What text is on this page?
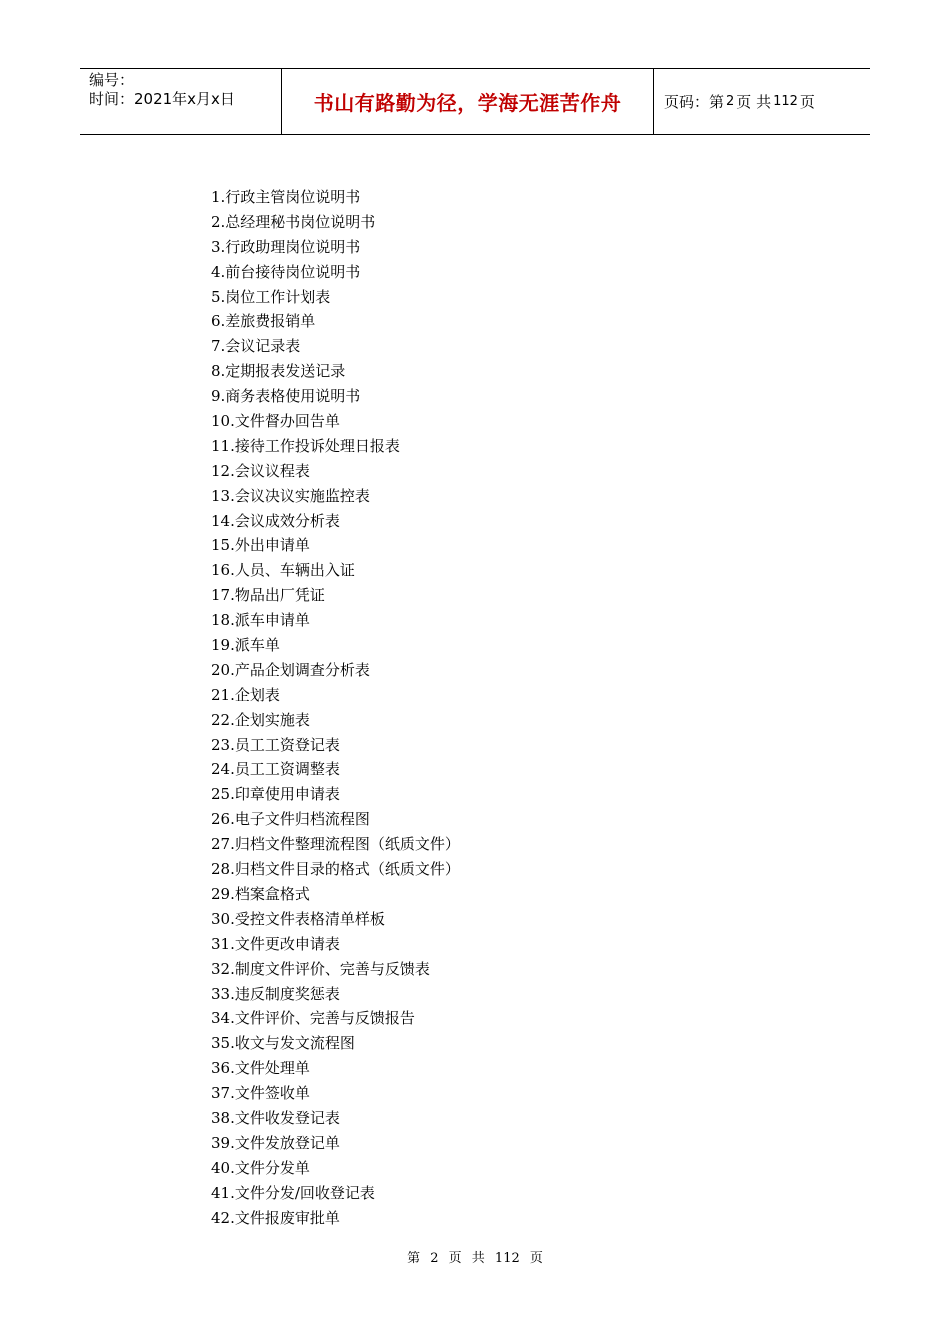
编号：
时间：2021年x月x日	书山有路勤为径，学海无涯苦作舟	页码：第 2 页 共 112 页
1.行政主管岗位说明书
2.总经理秘书岗位说明书
3.行政助理岗位说明书
4.前台接待岗位说明书
5.岗位工作计划表
6.差旅费报销单
7.会议记录表
8.定期报表发送记录
9.商务表格使用说明书
10.文件督办回告单
11.接待工作投诉处理日报表
12.会议议程表
13.会议决议实施监控表
14.会议成效分析表
15.外出申请单
16.人员、车辆出入证
17.物品出厂凭证
18.派车申请单
19.派车单
20.产品企划调查分析表
21.企划表
22.企划实施表
23.员工工资登记表
24.员工工资调整表
25.印章使用申请表
26.电子文件归档流程图
27.归档文件整理流程图（纸质文件）
28.归档文件目录的格式（纸质文件）
29.档案盒格式
30.受控文件表格清单样板
31.文件更改申请表
32.制度文件评价、完善与反馈表
33.违反制度奖惩表
34.文件评价、完善与反馈报告
35.收文与发文流程图
36.文件处理单
37.文件签收单
38.文件收发登记表
39.文件发放登记单
40.文件分发单
41.文件分发/回收登记表
42.文件报废审批单
第 2 页 共 112 页
